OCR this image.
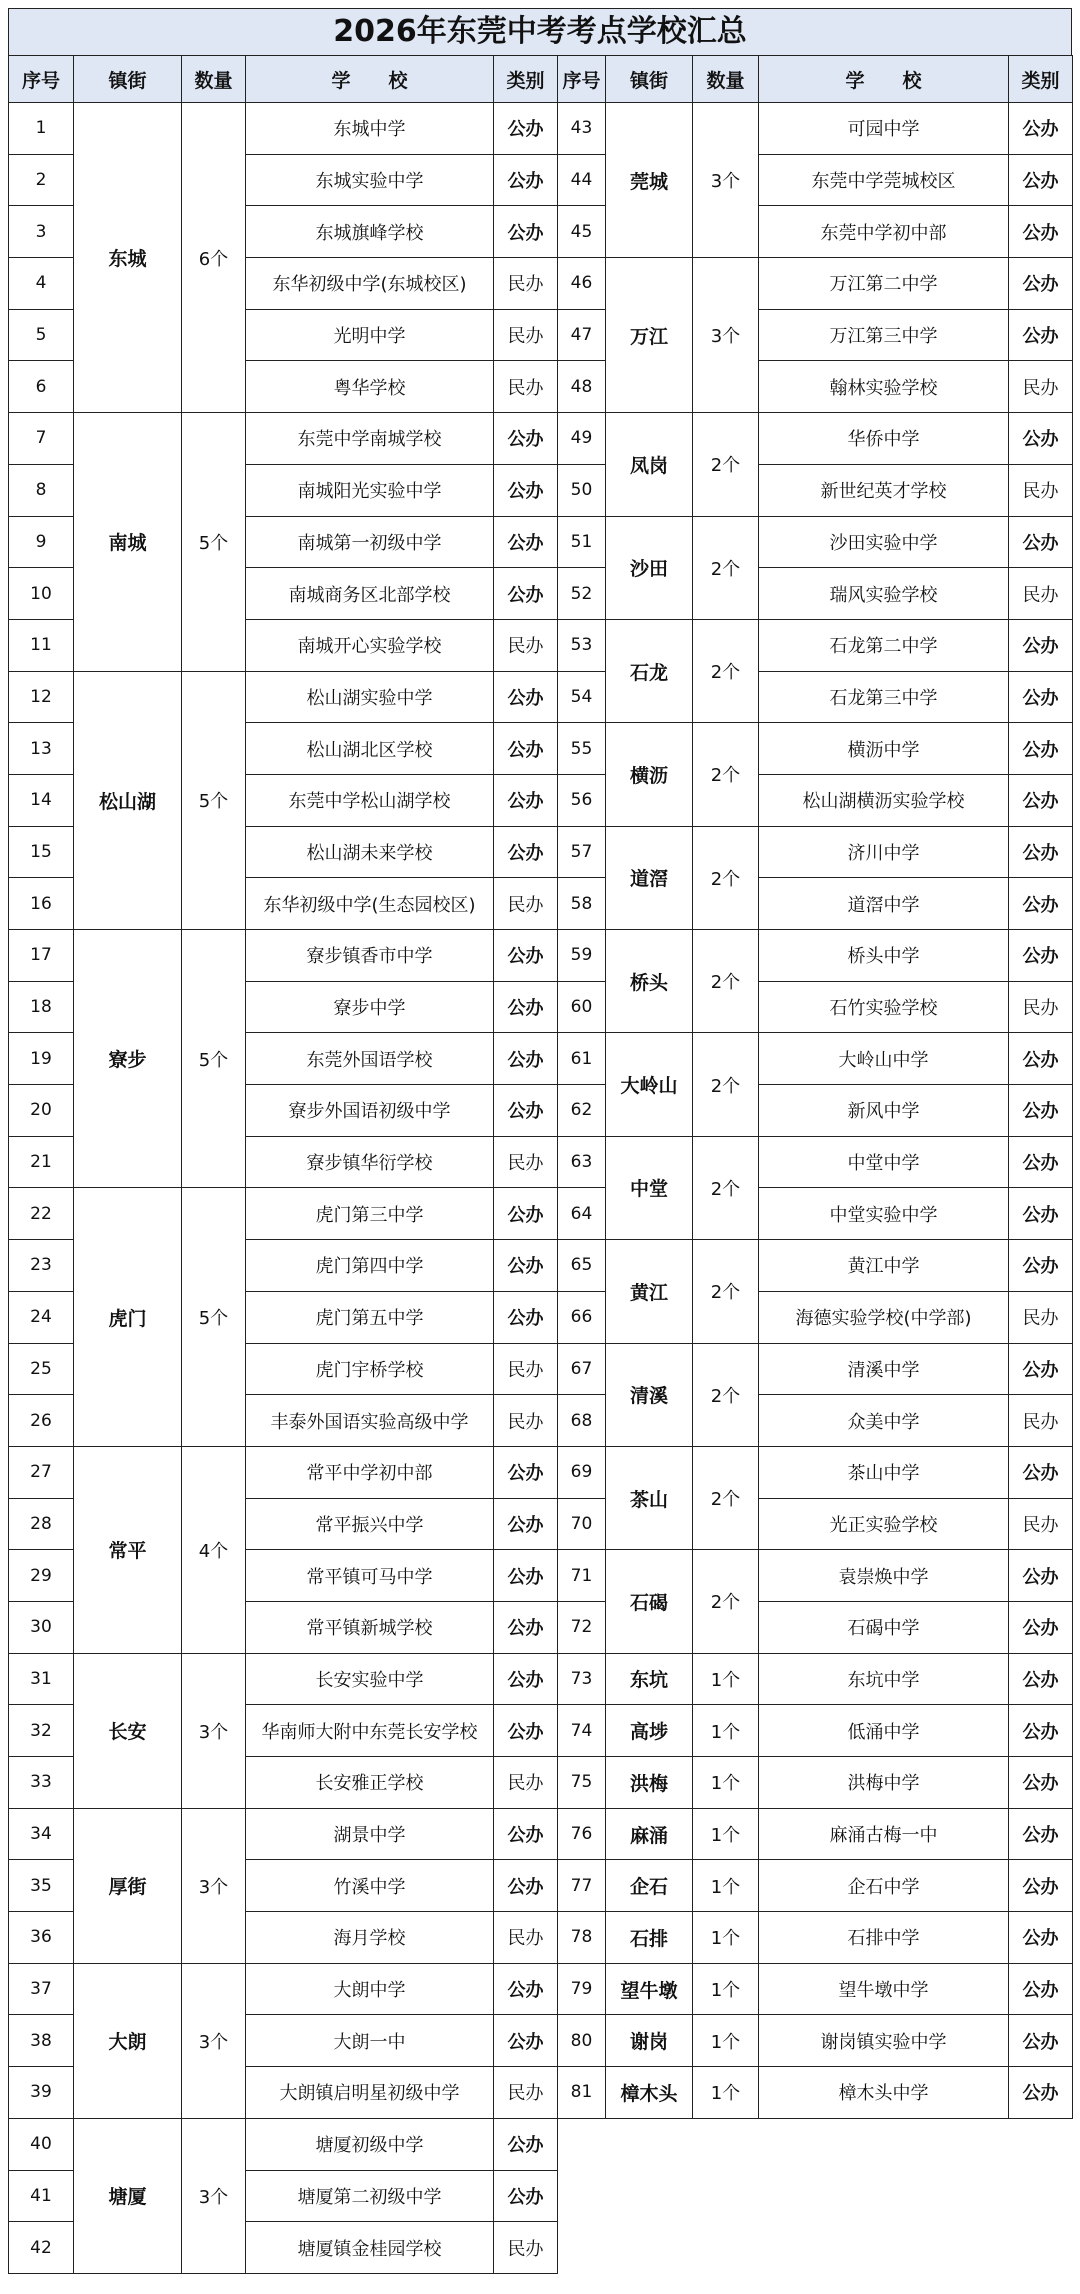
2026年东莞中考考点学校汇总
序号	镇街	数量	学　　校	类别 序号	镇街	数量	学　　校	类别
东城	6个
1	东城中学	公办
2	东城实验中学	公办
3	东城旗峰学校	公办
4	东华初级中学(东城校区)	民办
5	光明中学	民办
6	粤华学校	民办
南城	5个
7	东莞中学南城学校	公办
8	南城阳光实验中学	公办
9	南城第一初级中学	公办
10	南城商务区北部学校	公办
11	南城开心实验学校	民办
松山湖	5个
12	松山湖实验中学	公办
13	松山湖北区学校	公办
14	东莞中学松山湖学校	公办
15	松山湖未来学校	公办
16	东华初级中学(生态园校区)	民办
寮步	5个
17	寮步镇香市中学	公办
18	寮步中学	公办
19	东莞外国语学校	公办
20	寮步外国语初级中学	公办
21	寮步镇华衍学校	民办
虎门	5个
22	虎门第三中学	公办
23	虎门第四中学	公办
24	虎门第五中学	公办
25	虎门宇桥学校	民办
26	丰泰外国语实验高级中学	民办
常平	4个
27	常平中学初中部	公办
28	常平振兴中学	公办
29	常平镇可马中学	公办
30	常平镇新城学校	公办
长安	3个
31	长安实验中学	公办
32	华南师大附中东莞长安学校	公办
33	长安雅正学校	民办
厚街	3个
34	湖景中学	公办
35	竹溪中学	公办
36	海月学校	民办
大朗	3个
37	大朗中学	公办
38	大朗一中	公办
39	大朗镇启明星初级中学	民办
塘厦	3个
40	塘厦初级中学	公办
41	塘厦第二初级中学	公办
42	塘厦镇金桂园学校	民办
莞城	3个
43	可园中学	公办
44	东莞中学莞城校区	公办
45	东莞中学初中部	公办
万江	3个
46	万江第二中学	公办
47	万江第三中学	公办
48	翰林实验学校	民办
凤岗	2个
49	华侨中学	公办
50	新世纪英才学校	民办
沙田	2个
51	沙田实验中学	公办
52	瑞风实验学校	民办
石龙	2个
53	石龙第二中学	公办
54	石龙第三中学	公办
横沥	2个
55	横沥中学	公办
56	松山湖横沥实验学校	公办
道滘	2个
57	济川中学	公办
58	道滘中学	公办
桥头	2个
59	桥头中学	公办
60	石竹实验学校	民办
大岭山	2个
61	大岭山中学	公办
62	新风中学	公办
中堂	2个
63	中堂中学	公办
64	中堂实验中学	公办
黄江	2个
65	黄江中学	公办
66	海德实验学校(中学部)	民办
清溪	2个
67	清溪中学	公办
68	众美中学	民办
茶山	2个
69	茶山中学	公办
70	光正实验学校	民办
石碣	2个
71	袁崇焕中学	公办
72	石碣中学	公办
东坑	1个
73	东坑中学	公办
高埗	1个
74	低涌中学	公办
洪梅	1个
75	洪梅中学	公办
麻涌	1个
76	麻涌古梅一中	公办
企石	1个
77	企石中学	公办
石排	1个
78	石排中学	公办
望牛墩	1个
79	望牛墩中学	公办
谢岗	1个
80	谢岗镇实验中学	公办
樟木头	1个
81	樟木头中学	公办
